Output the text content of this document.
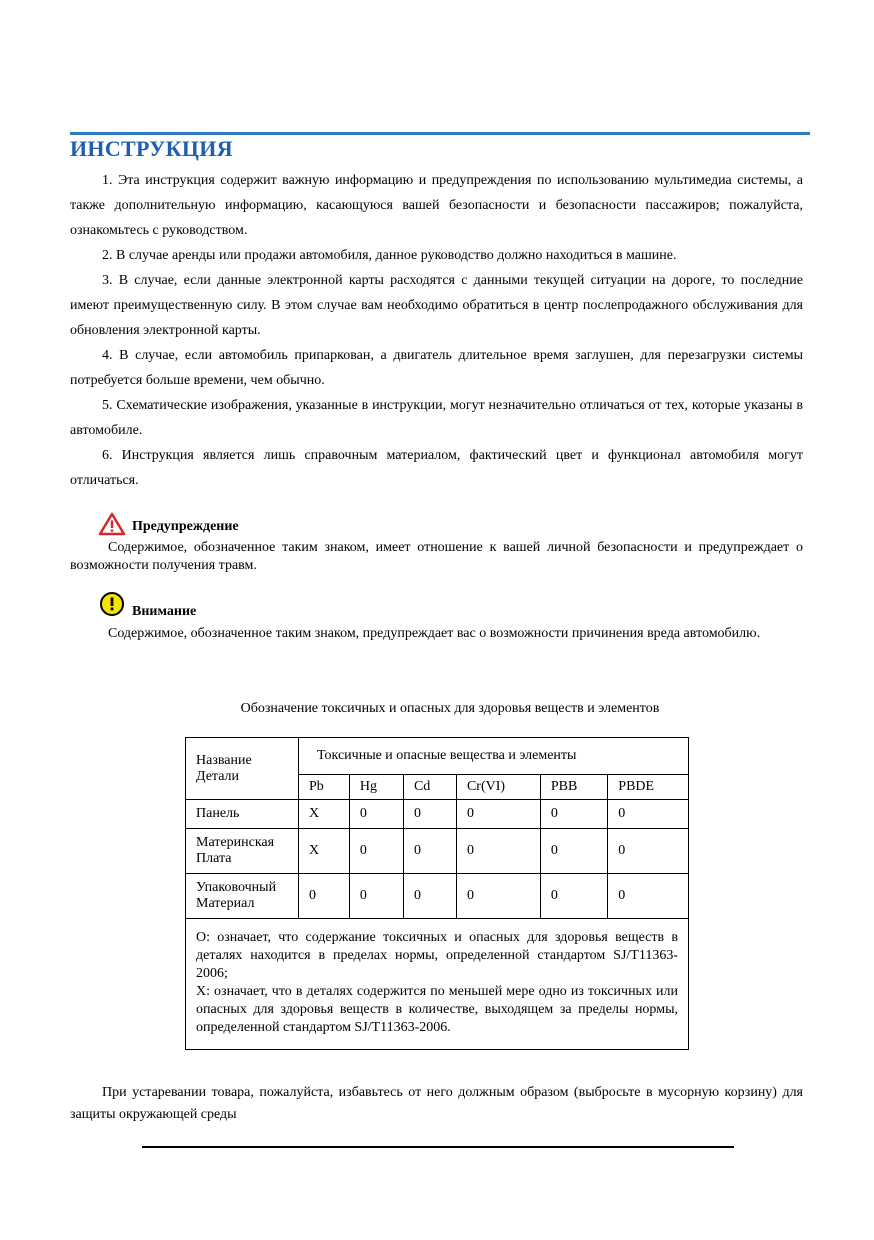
ИНСТРУКЦИЯ

1. Эта инструкция содержит важную информацию и предупреждения по использованию мультимедиа системы, а также дополнительную информацию, касающуюся вашей безопасности и безопасности пассажиров; пожалуйста, ознакомьтесь с руководством.

2. В случае аренды или продажи автомобиля, данное руководство должно находиться в машине.

3. В случае, если данные электронной карты расходятся с данными текущей ситуации на дороге, то последние имеют преимущественную силу. В этом случае вам необходимо обратиться в центр послепродажного обслуживания для обновления электронной карты.

4. В случае, если автомобиль припаркован, а двигатель длительное время заглушен, для перезагрузки системы потребуется больше времени, чем обычно.

5. Схематические изображения, указанные в инструкции, могут незначительно отличаться от тех, которые указаны в автомобиле.

6. Инструкция является лишь справочным материалом, фактический цвет и функционал автомобиля могут отличаться.

Предупреждение

Содержимое, обозначенное таким знаком, имеет отношение к вашей личной безопасности и предупреждает о возможности получения травм.

Внимание

Содержимое, обозначенное таким знаком, предупреждает вас о возможности причинения вреда автомобилю.

Обозначение токсичных и опасных для здоровья веществ и элементов
Название Детали	Токсичные и опасные вещества и элементы					
	Pb	Hg	Cd	Cr(VI)	PBB	PBDE
Панель	X	0	0	0	0	0
Материнская Плата	X	0	0	0	0	0
Упаковочный Материал	0	0	0	0	0	0

O: означает, что содержание токсичных и опасных для здоровья веществ в деталях находится в пределах нормы, определенной стандартом SJ/T11363-2006;
X: означает, что в деталях содержится по меньшей мере одно из токсичных или опасных для здоровья веществ в количестве, выходящем за пределы нормы, определенной стандартом SJ/T11363-2006.						

При устаревании товара, пожалуйста, избавьтесь от него должным образом (выбросьте в мусорную корзину) для защиты окружающей среды
